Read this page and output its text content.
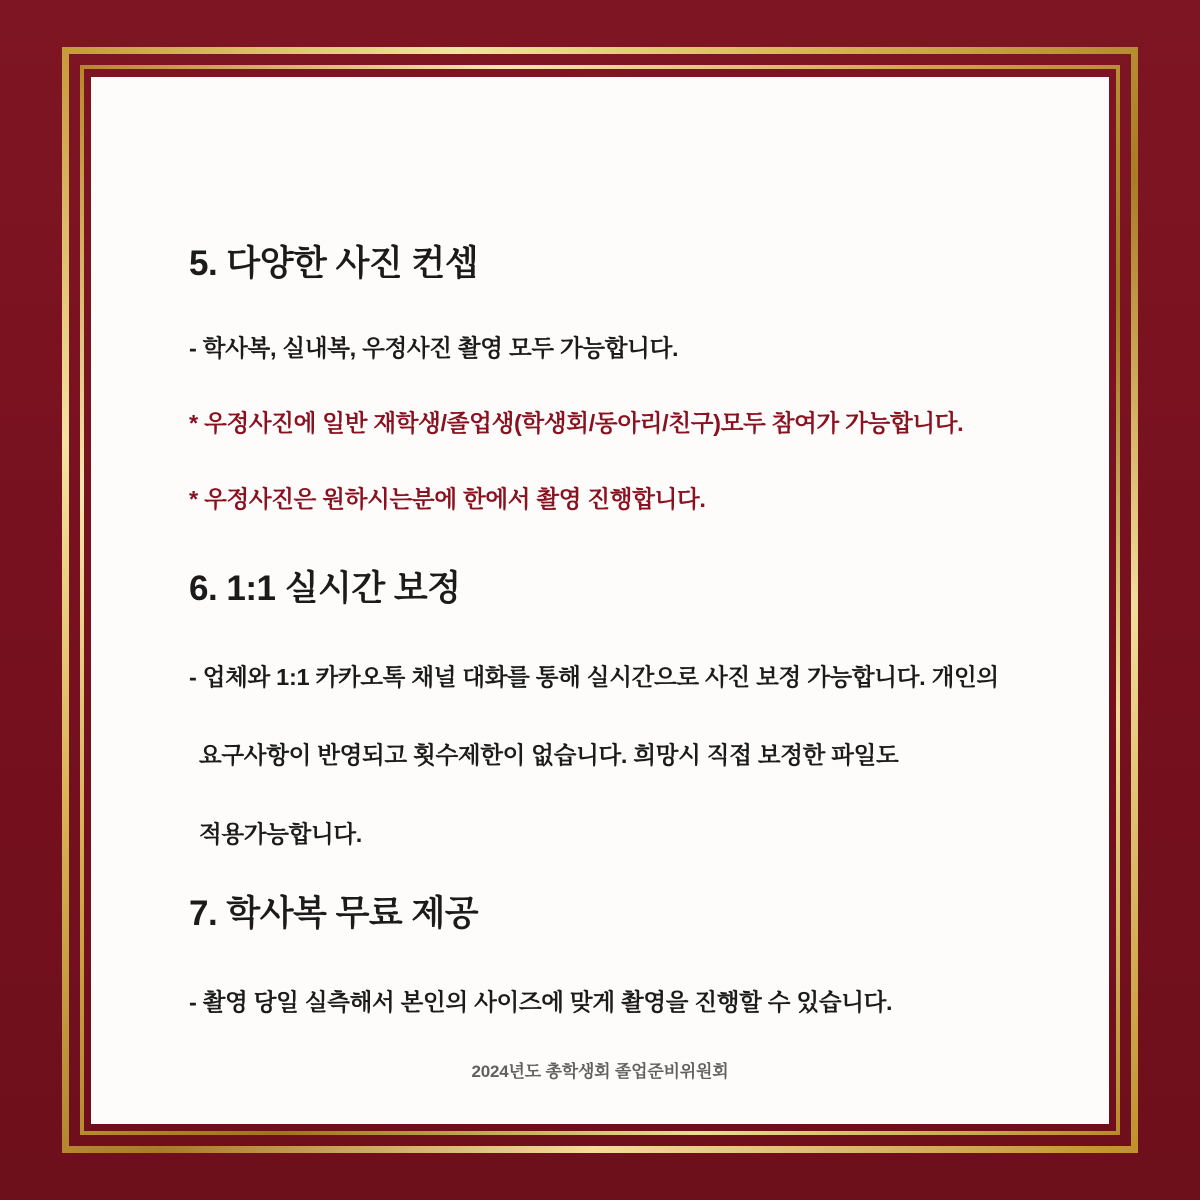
5. 다양한 사진 컨셉

- 학사복, 실내복, 우정사진 촬영 모두 가능합니다.

* 우정사진에 일반 재학생/졸업생(학생회/동아리/친구)모두 참여가 가능합니다.

* 우정사진은 원하시는분에 한에서 촬영 진행합니다.

6. 1:1 실시간 보정

- 업체와 1:1 카카오톡 채널 대화를 통해 실시간으로 사진 보정 가능합니다. 개인의

요구사항이 반영되고 횟수제한이 없습니다. 희망시 직접 보정한 파일도

적용가능합니다.

7. 학사복 무료 제공

- 촬영 당일 실측해서 본인의 사이즈에 맞게 촬영을 진행할 수 있습니다.

2024년도 총학생회 졸업준비위원회
